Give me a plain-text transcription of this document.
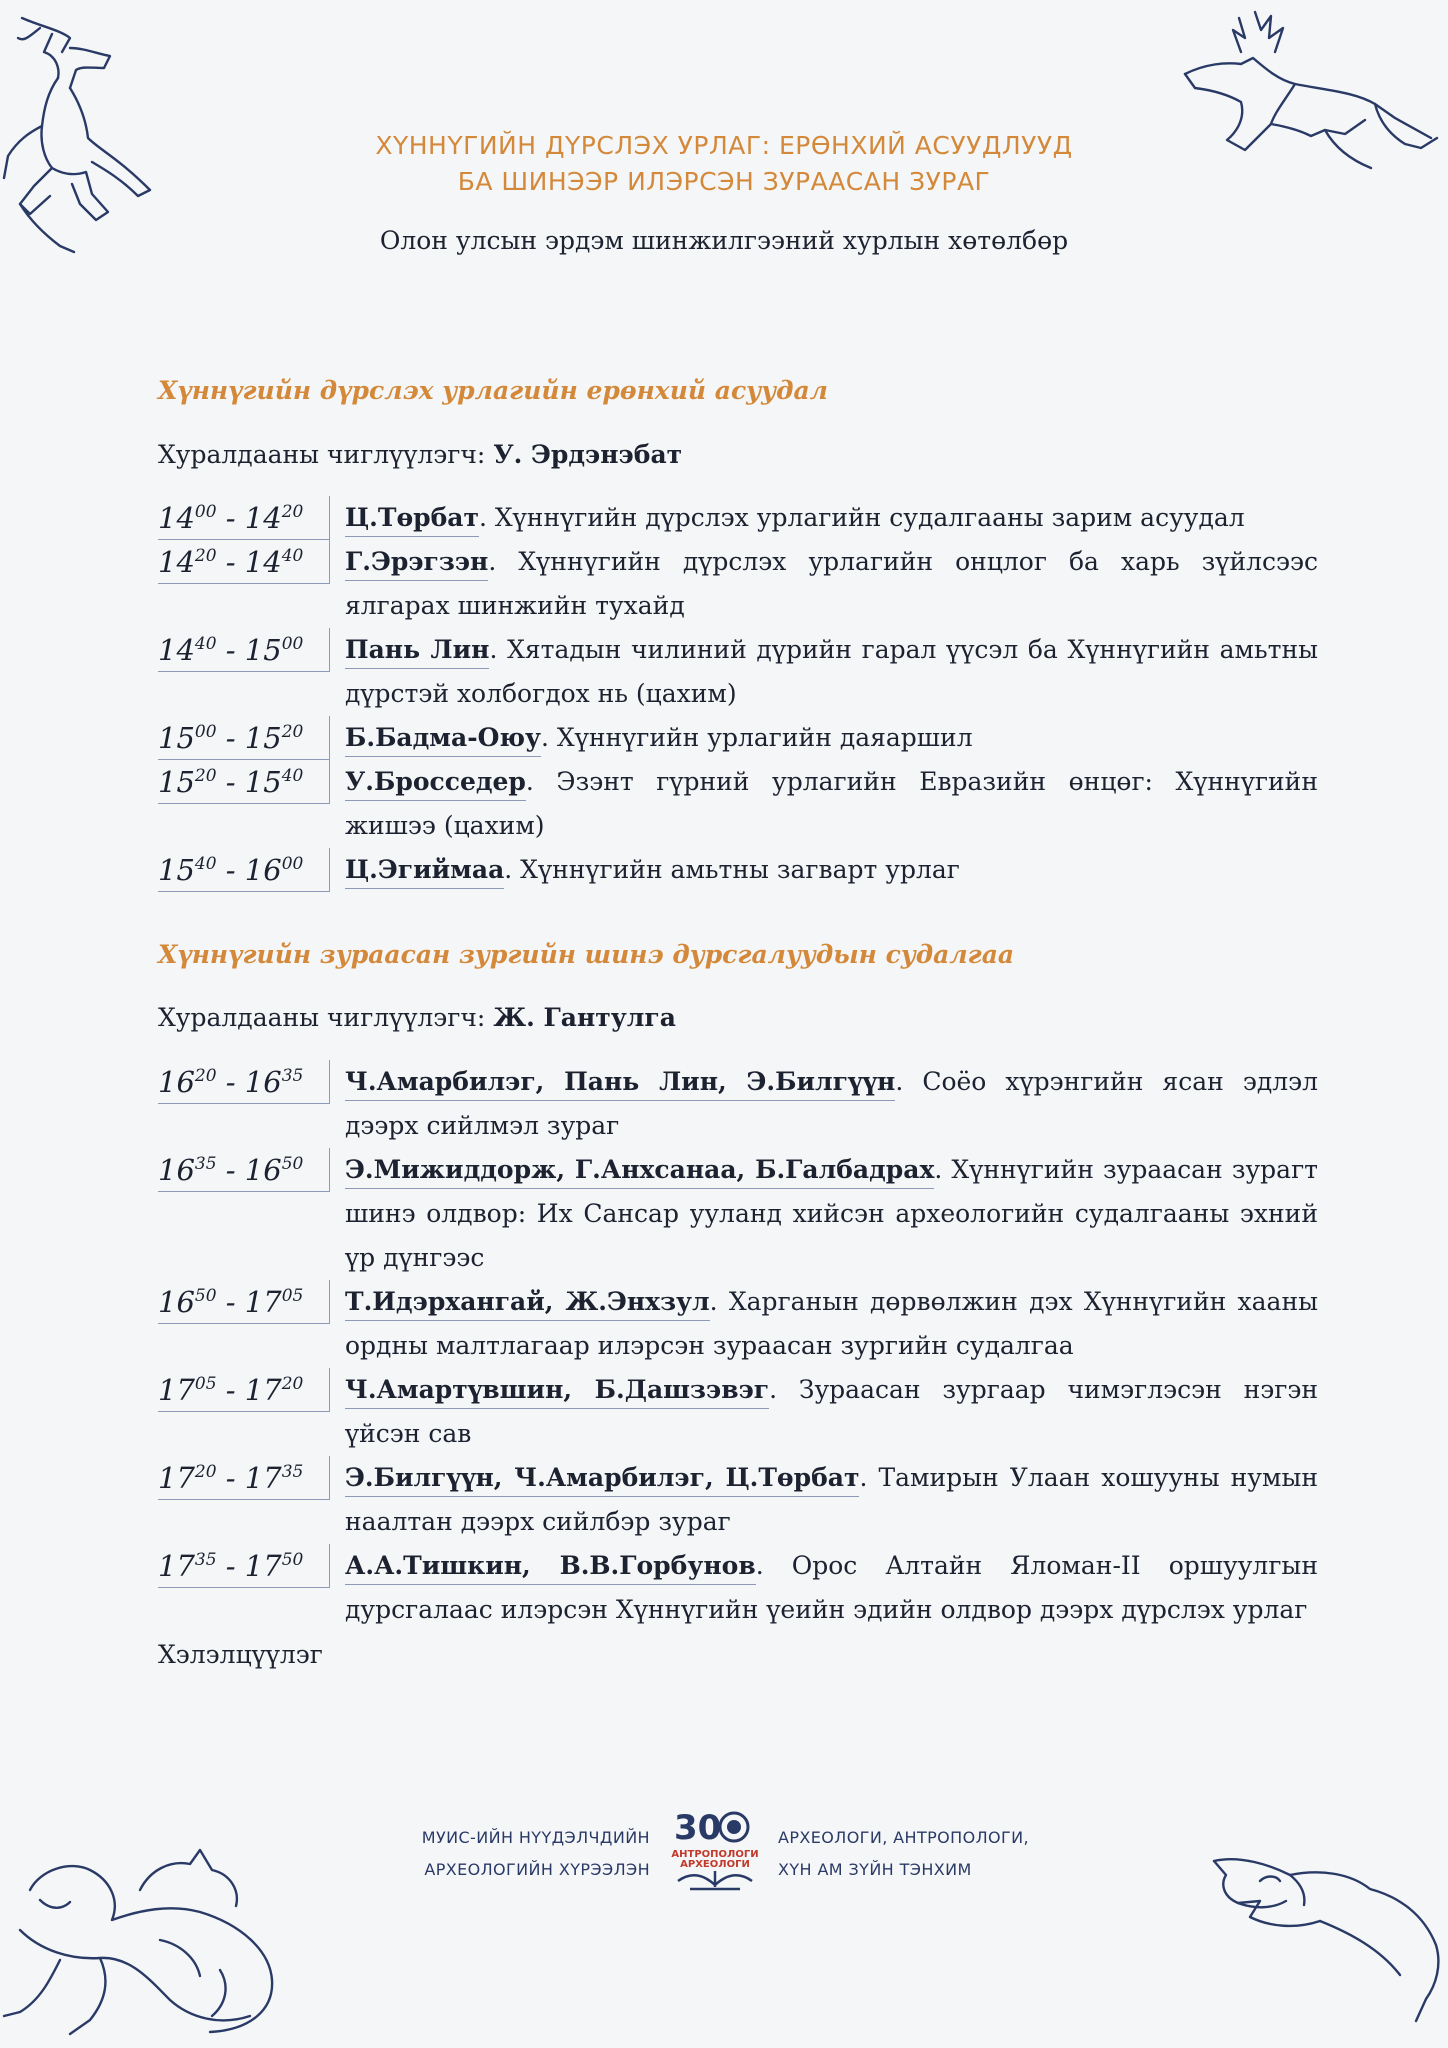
ХҮННҮГИЙН ДҮРСЛЭХ УРЛАГ: ЕРӨНХИЙ АСУУДЛУУД
БА ШИНЭЭР ИЛЭРСЭН ЗУРААСАН ЗУРАГ
Олон улсын эрдэм шинжилгээний хурлын хөтөлбөр
Хүннүгийн дүрслэх урлагийн ерөнхий асуудал
Хуралдааны чиглүүлэгч: У. Эрдэнэбат
$14^{00} - 14^{20}$	Ц.Төрбат. Хүннүгийн дүрслэх урлагийн судалгааны зарим асуудал
$14^{20} - 14^{40}$	Г.Эрэгзэн. Хүннүгийн дүрслэх урлагийн онцлог ба харь зүйлсээс ялгарах шинжийн тухайд
$14^{40} - 15^{00}$	Пань Лин. Хятадын чилиний дүрийн гарал үүсэл ба Хүннүгийн амьтны дүрстэй холбогдох нь (цахим)
$15^{00} - 15^{20}$	Б.Бадма-Оюу. Хүннүгийн урлагийн даяаршил
$15^{20} - 15^{40}$	У.Бросседер. Эзэнт гүрний урлагийн Евразийн өнцөг: Хүннүгийн жишээ (цахим)
$15^{40} - 16^{00}$	Ц.Эгиймаа. Хүннүгийн амьтны загварт урлаг
Хүннүгийн зураасан зургийн шинэ дурсгалуудын судалгаа
Хуралдааны чиглүүлэгч: Ж. Гантулга
$16^{20} - 16^{35}$	Ч.Амарбилэг, Пань Лин, Э.Билгүүн. Соёо хүрэнгийн ясан эдлэл дээрх сийлмэл зураг
$16^{35} - 16^{50}$	Э.Мижиддорж, Г.Анхсанаа, Б.Галбадрах. Хүннүгийн зураасан зурагт шинэ олдвор: Их Сансар ууланд хийсэн археологийн судалгааны эхний үр дүнгээс
$16^{50} - 17^{05}$	Т.Идэрхангай, Ж.Энхзул. Харганын дөрвөлжин дэх Хүннүгийн хааны ордны малтлагаар илэрсэн зураасан зургийн судалгаа
$17^{05} - 17^{20}$	Ч.Амартүвшин, Б.Дашзэвэг. Зураасан зургаар чимэглэсэн нэгэн үйсэн сав
$17^{20} - 17^{35}$	Э.Билгүүн, Ч.Амарбилэг, Ц.Төрбат. Тамирын Улаан хошууны нумын наалтан дээрх сийлбэр зураг
$17^{35} - 17^{50}$	А.А.Тишкин, В.В.Горбунов. Орос Алтайн Яломан-II оршуулгын дурсгалаас илэрсэн Хүннүгийн үеийн эдийн олдвор дээрх дүрслэх урлаг
Хэлэлцүүлэг
МУИС-ИЙН НҮҮДЭЛЧДИЙН
АРХЕОЛОГИЙН ХҮРЭЭЛЭН
30
АНТРОПОЛОГИ
АРХЕОЛОГИ
АРХЕОЛОГИ, АНТРОПОЛОГИ,
ХҮН АМ ЗҮЙН ТЭНХИМ
